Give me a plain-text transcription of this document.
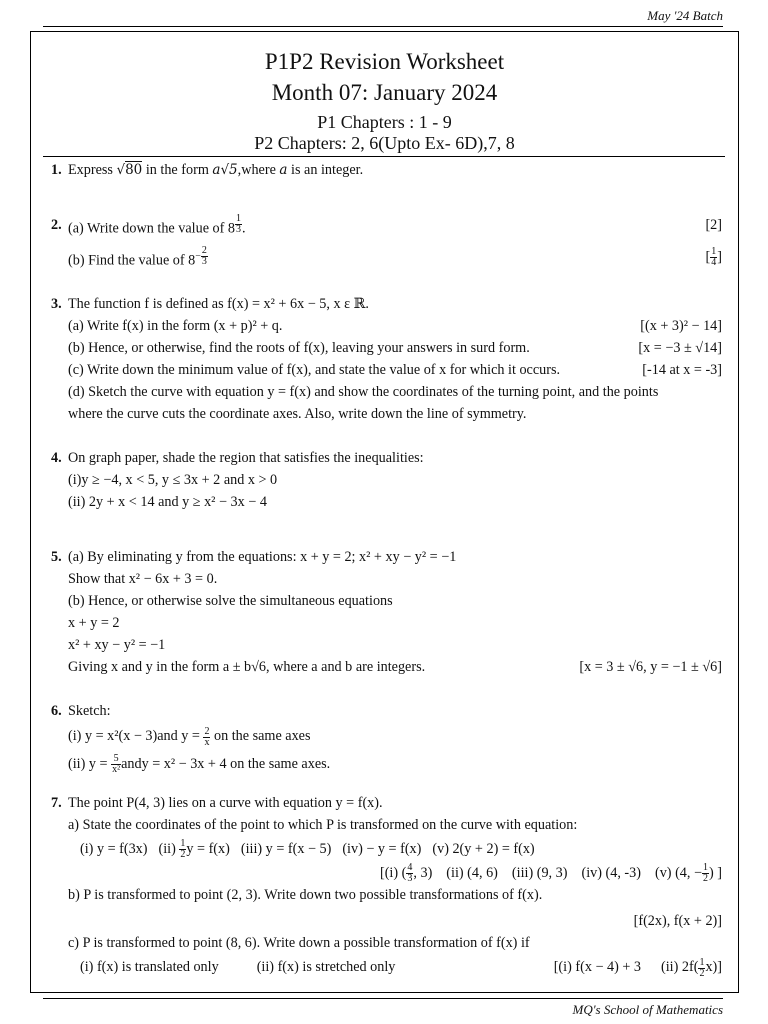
May '24 Batch
P1P2 Revision Worksheet
Month 07: January 2024
P1 Chapters : 1 - 9
P2 Chapters: 2, 6(Upto Ex- 6D),7, 8
1. Express √80 in the form a√5,where a is an integer.
2. (a) Write down the value of 8 $^{\frac{1}{3}}$ .	[2]
(b) Find the value of $8^{- \frac{2}{3}}$	[ $\frac{1}{4}$ ]
3. The function f is defined as f(x) = x² + 6x − 5, x ε ℝ.
(a) Write f(x) in the form (x + p)² + q.	[(x + 3)² − 14]
(b) Hence, or otherwise, find the roots of f(x), leaving your answers in surd form.	[x = −3 ± √14]
(c) Write down the minimum value of f(x), and state the value of x for which it occurs.	[-14 at x = -3]
(d) Sketch the curve with equation y = f(x) and show the coordinates of the turning point, and the points
where the curve cuts the coordinate axes. Also, write down the line of symmetry.
4. On graph paper, shade the region that satisfies the inequalities:
(i)y ≥ −4, x < 5, y ≤ 3x + 2 and x > 0
(ii) 2y + x < 14 and y ≥ x² − 3x − 4
5. (a) By eliminating y from the equations: x + y = 2; x² + xy − y² = −1
Show that x² − 6x + 3 = 0.
(b) Hence, or otherwise solve the simultaneous equations
x + y = 2
x² + xy − y² = −1
Giving x and y in the form a ± b√6, where a and b are integers.	[x = 3 ± √6, y = −1 ± √6]
6. Sketch:
(i) y = x²(x − 3)and $y = \frac{2}{x}$ on the same axes
(ii) $y = \frac{5}{\text{x²}}$ andy = x² − 3x + 4 on the same axes.
7. The point P(4, 3) lies on a curve with equation y = f(x).
a) State the coordinates of the point to which P is transformed on the curve with equation:
(i) y = f(3x) $(ii) \frac{1}{2}$ y = f(x) (iii) y = f(x − 5) (iv) − y = f(x) (v) 2(y + 2) = f(x)
[(i) ( $\frac{4}{3}$ , 3) (ii) (4, 6) (iii) (9, 3) (iv) (4, -3) (v) (4, − $\frac{1}{2}$ ) ]
b) P is transformed to point (2, 3). Write down two possible transformations of f(x).
[f(2x), f(x + 2)]
c) P is transformed to point (8, 6). Write down a possible transformation of f(x) if
(i) f(x) is translated only	(ii) f(x) is stretched only	[(i) f(x − 4) + 3 (ii) $2f( \frac{1}{2} x)$]
MQ's School of Mathematics
